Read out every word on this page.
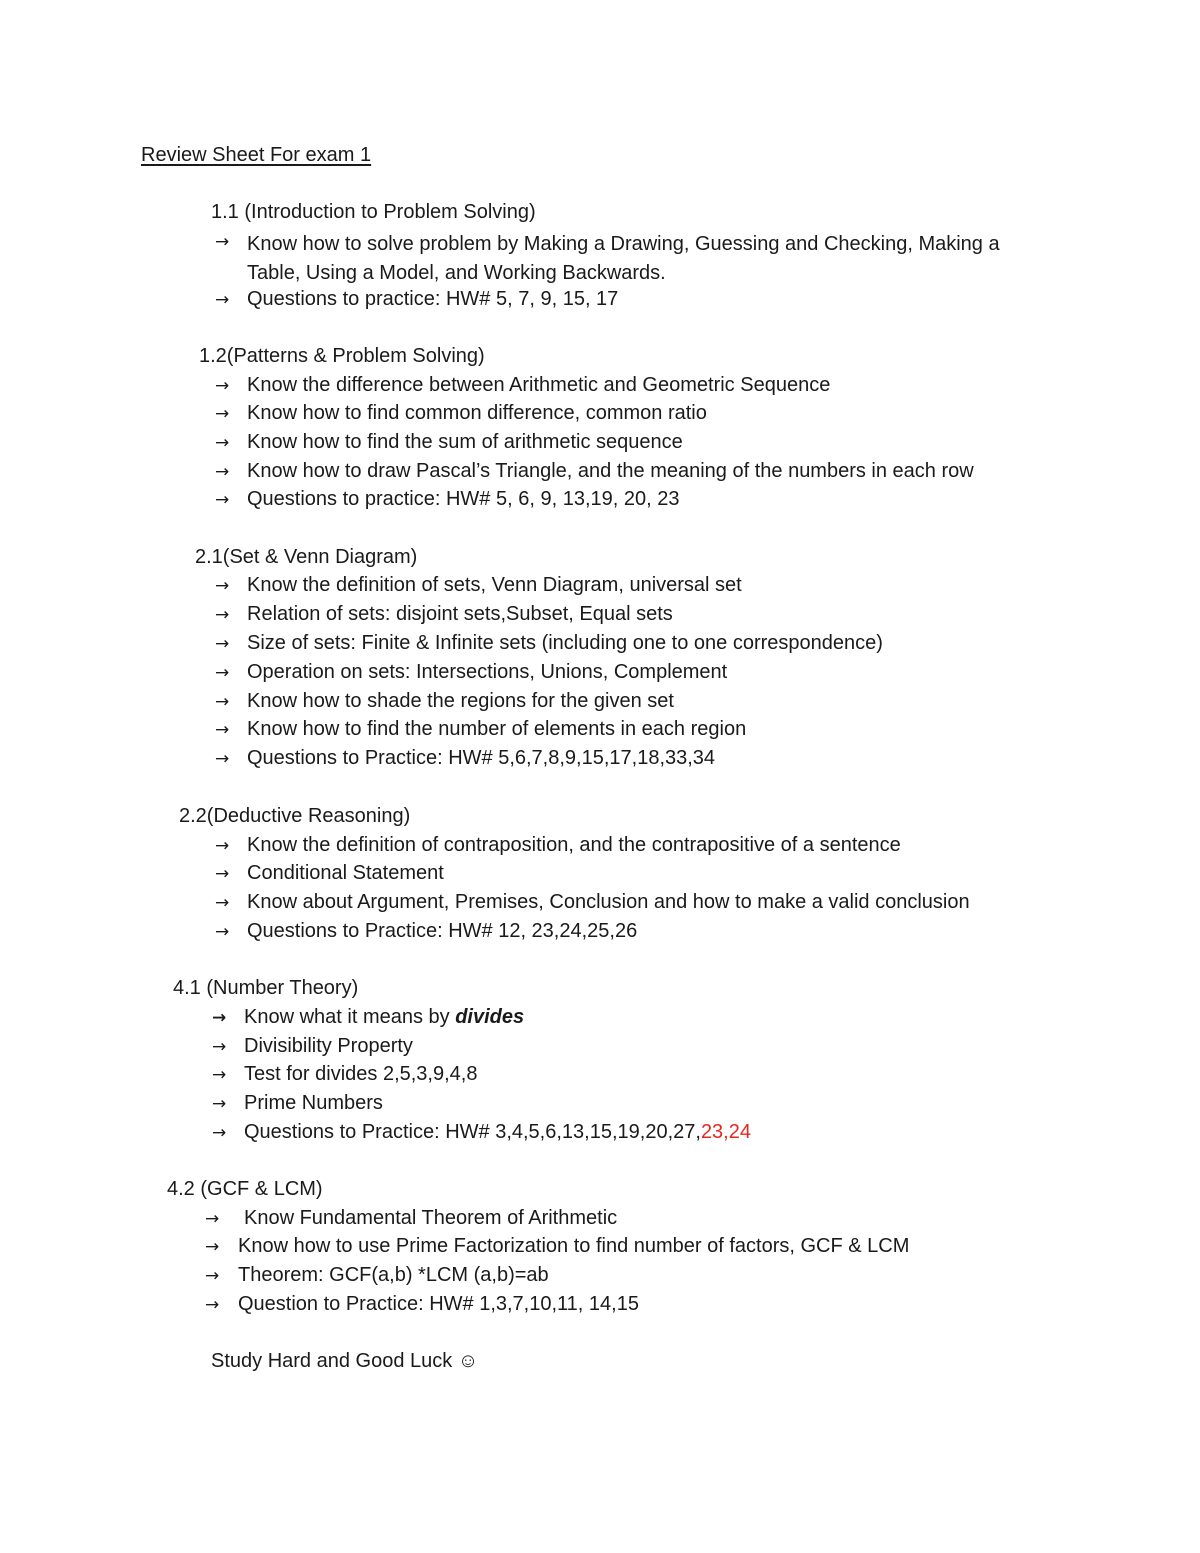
Review Sheet For exam 1
1.1 (Introduction to Problem Solving)
→ Know how to solve problem by Making a Drawing, Guessing and Checking, Making a Table, Using a Model, and Working Backwards.
→ Questions to practice: HW# 5, 7, 9, 15, 17
1.2(Patterns & Problem Solving)
→ Know the difference between Arithmetic and Geometric Sequence
→ Know how to find common difference, common ratio
→ Know how to find the sum of arithmetic sequence
→ Know how to draw Pascal’s Triangle, and the meaning of the numbers in each row
→ Questions to practice: HW# 5, 6, 9, 13,19, 20, 23
2.1(Set & Venn Diagram)
→ Know the definition of sets, Venn Diagram, universal set
→ Relation of sets: disjoint sets,Subset, Equal sets
→ Size of sets: Finite & Infinite sets (including one to one correspondence)
→ Operation on sets: Intersections, Unions, Complement
→ Know how to shade the regions for the given set
→ Know how to find the number of elements in each region
→ Questions to Practice: HW# 5,6,7,8,9,15,17,18,33,34
2.2(Deductive Reasoning)
→ Know the definition of contraposition, and the contrapositive of a sentence
→ Conditional Statement
→ Know about Argument, Premises, Conclusion and how to make a valid conclusion
→ Questions to Practice: HW# 12, 23,24,25,26
4.1 (Number Theory)
→ Know what it means by divides
→ Divisibility Property
→ Test for divides 2,5,3,9,4,8
→ Prime Numbers
→ Questions to Practice: HW# 3,4,5,6,13,15,19,20,27,23,24
4.2 (GCF & LCM)
→ Know Fundamental Theorem of Arithmetic
→ Know how to use Prime Factorization to find number of factors, GCF & LCM
→ Theorem: GCF(a,b) *LCM (a,b)=ab
→ Question to Practice: HW# 1,3,7,10,11, 14,15
Study Hard and Good Luck ☺
